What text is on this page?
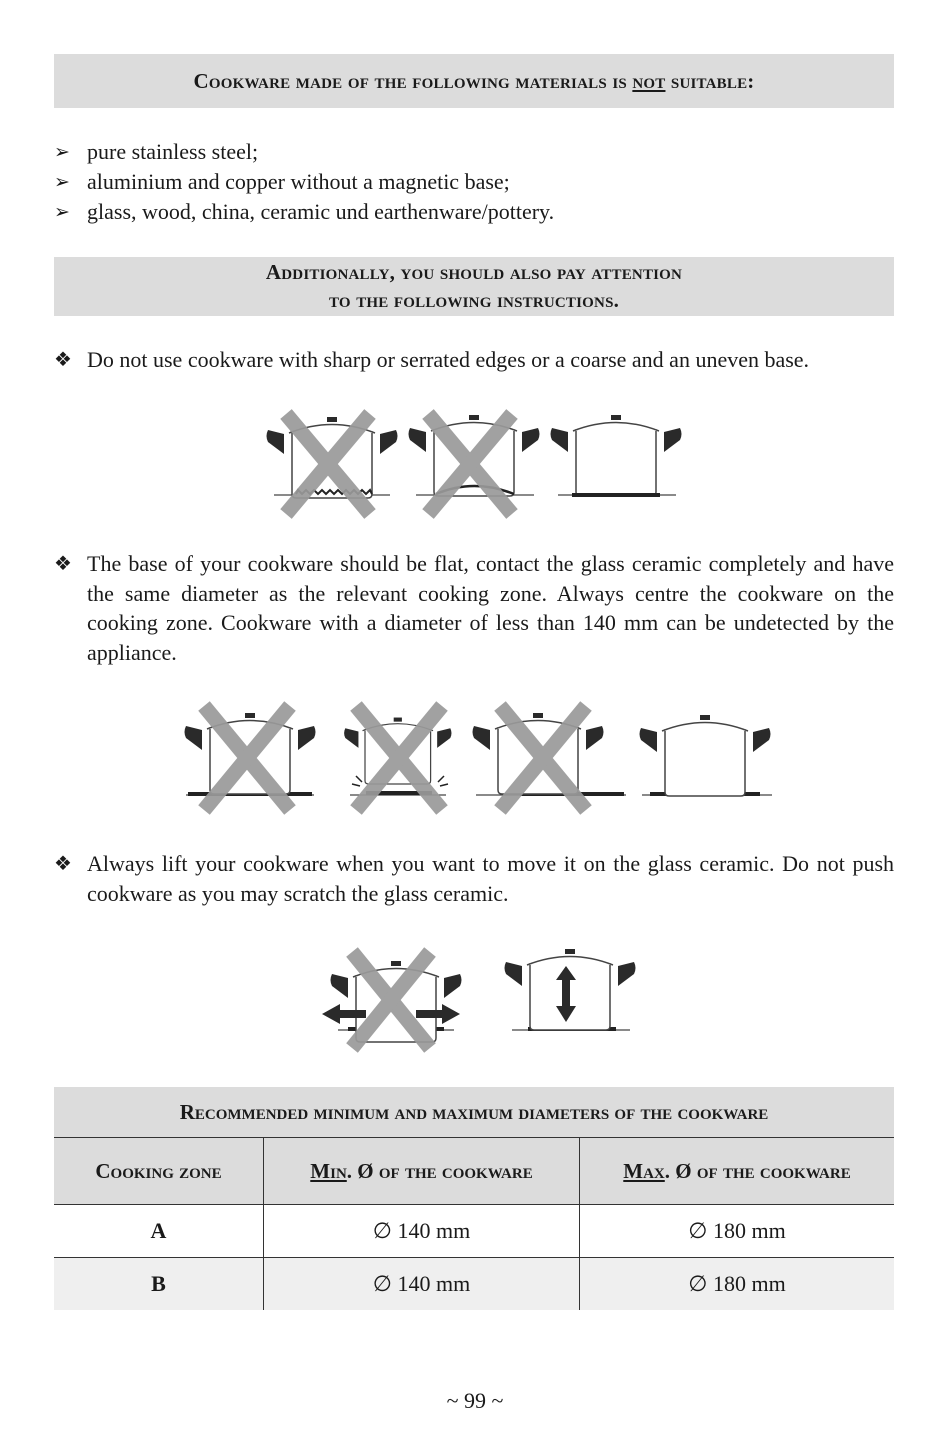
Cookware made of the following materials is not suitable:
➢ pure stainless steel;
➢ aluminium and copper without a magnetic base;
➢ glass, wood, china, ceramic und earthenware/pottery.
Additionally, you should also pay attention
to the following instructions.
❖ Do not use cookware with sharp or serrated edges or a coarse and an uneven base.
❖ The base of your cookware should be flat, contact the glass ceramic completely and have the same diameter as the relevant cooking zone. Always centre the cookware on the cooking zone. Cookware with a diameter of less than 140 mm can be undetected by the appliance.
❖ Always lift your cookware when you want to move it on the glass ceramic. Do not push cookware as you may scratch the glass ceramic.
Recommended minimum and maximum diameters of the cookware		
Cooking zone	Min. Ø of the cookware	Max. Ø of the cookware
A	∅ 140 mm	∅ 180 mm
B	∅ 140 mm	∅ 180 mm
~ 99 ~
